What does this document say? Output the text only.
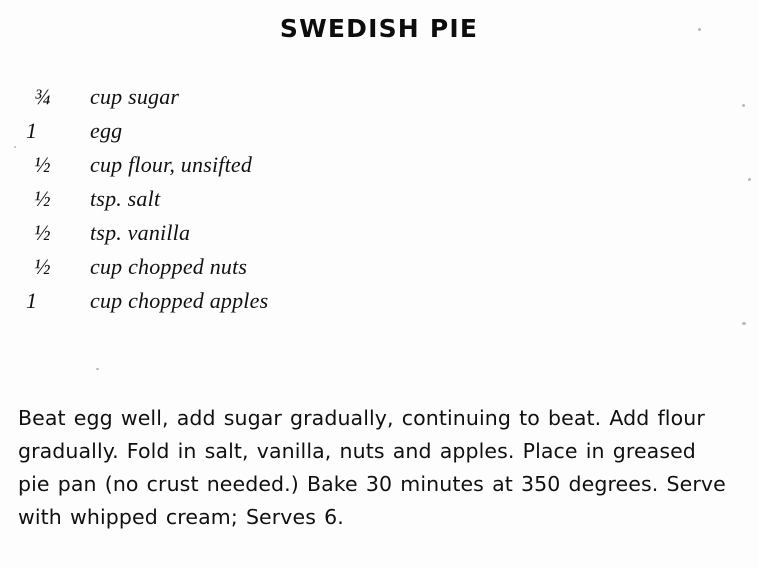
SWEDISH PIE
¾	cup sugar
1	egg
½	cup flour, unsifted
½	tsp. salt
½	tsp. vanilla
½	cup chopped nuts
1	cup chopped apples
Beat egg well, add sugar gradually, continuing to beat. Add flour gradually. Fold in salt, vanilla, nuts and apples. Place in greased pie pan (no crust needed.) Bake 30 minutes at 350 degrees. Serve with whipped cream; Serves 6.
